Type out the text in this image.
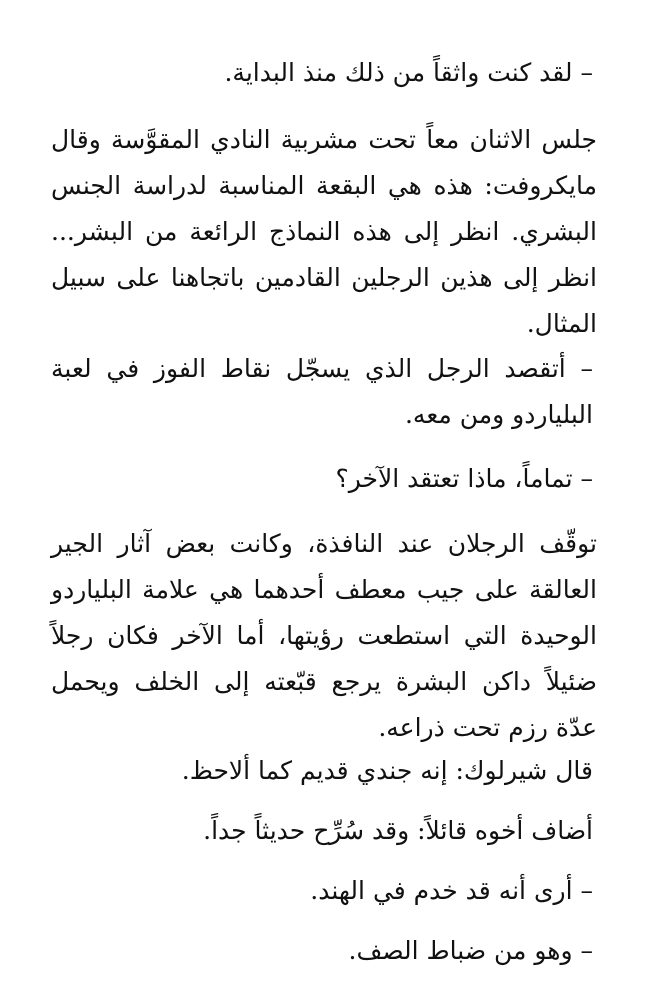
– لقد كنت واثقاً من ذلك منذ البداية.

جلس الاثنان معاً تحت مشربية النادي المقوَّسة وقال مايكروفت: هذه هي البقعة المناسبة لدراسة الجنس البشري. انظر إلى هذه النماذج الرائعة من البشر... انظر إلى هذين الرجلين القادمين باتجاهنا على سبيل المثال.

– أتقصد الرجل الذي يسجّل نقاط الفوز في لعبة البلياردو ومن معه.

– تماماً، ماذا تعتقد الآخر؟

توقّف الرجلان عند النافذة، وكانت بعض آثار الجير العالقة على جيب معطف أحدهما هي علامة البلياردو الوحيدة التي استطعت رؤيتها، أما الآخر فكان رجلاً ضئيلاً داكن البشرة يرجع قبّعته إلى الخلف ويحمل عدّة رزم تحت ذراعه.

قال شيرلوك: إنه جندي قديم كما ألاحظ.

أضاف أخوه قائلاً: وقد سُرِّح حديثاً جداً.

– أرى أنه قد خدم في الهند.

– وهو من ضباط الصف.
